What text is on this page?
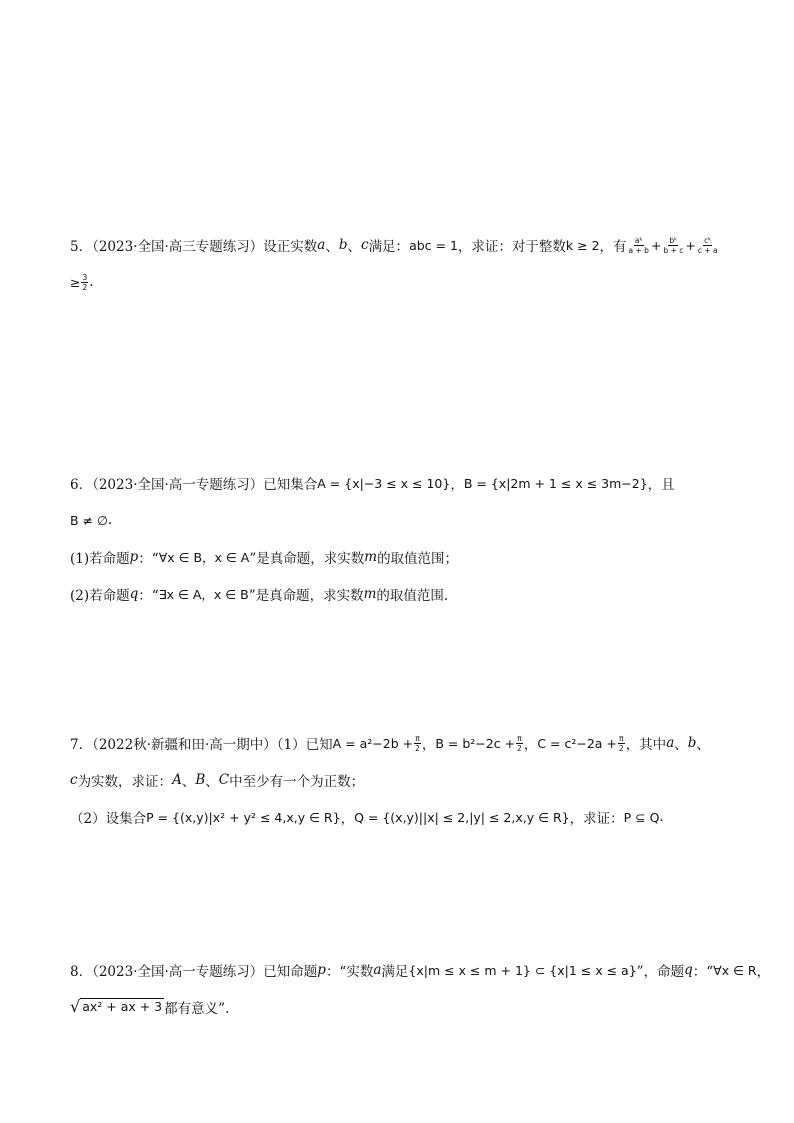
5．（2023·全国·高三专题练习）设正实数 a 、 b 、 c 满足： abc = 1 ，求证：对于整数 k ≥ 2 ，有 $\frac{\text{aᵏ}}{a + b} + \frac{\text{bᵏ}}{b + c} + \frac{\text{cᵏ}}{c + a}$
≥ $\frac{3}{2}$ .
6．（2023·全国·高一专题练习）已知集合 A = {x|−3 ≤ x ≤ 10} ， B = {x|2m + 1 ≤ x ≤ 3m−2} ，且
B ≠ ∅ .
(1)若命题 p ：“ ∀x ∈ B，x ∈ A ”是真命题，求实数 m 的取值范围；
(2)若命题 q ：“ ∃x ∈ A，x ∈ B ”是真命题，求实数 m 的取值范围.
7．（2022秋·新疆和田·高一期中）（1）已知 $A = a^2-2b + \frac{\pi}{2}$ ， $B = b^2-2c + \frac{\pi}{2}$ ， $C = c^2-2a + \frac{\pi}{2}$ ，其中 a 、 b 、
c 为实数，求证： A 、 B 、 C 中至少有一个为正数；
（2）设集合 P = {(x,y)|x² + y² ≤ 4,x,y ∈ R} ， Q = {(x,y)||x| ≤ 2,|y| ≤ 2,x,y ∈ R} ，求证： P ⊆ Q .
8．（2023·全国·高一专题练习）已知命题 p ：“实数 a 满足 {x|m ≤ x ≤ m + 1} ⊂ {x|1 ≤ x ≤ a} ”，命题 q ：“ ∀x ∈ R ，
√ ax² + ax + 3 都有意义”.
